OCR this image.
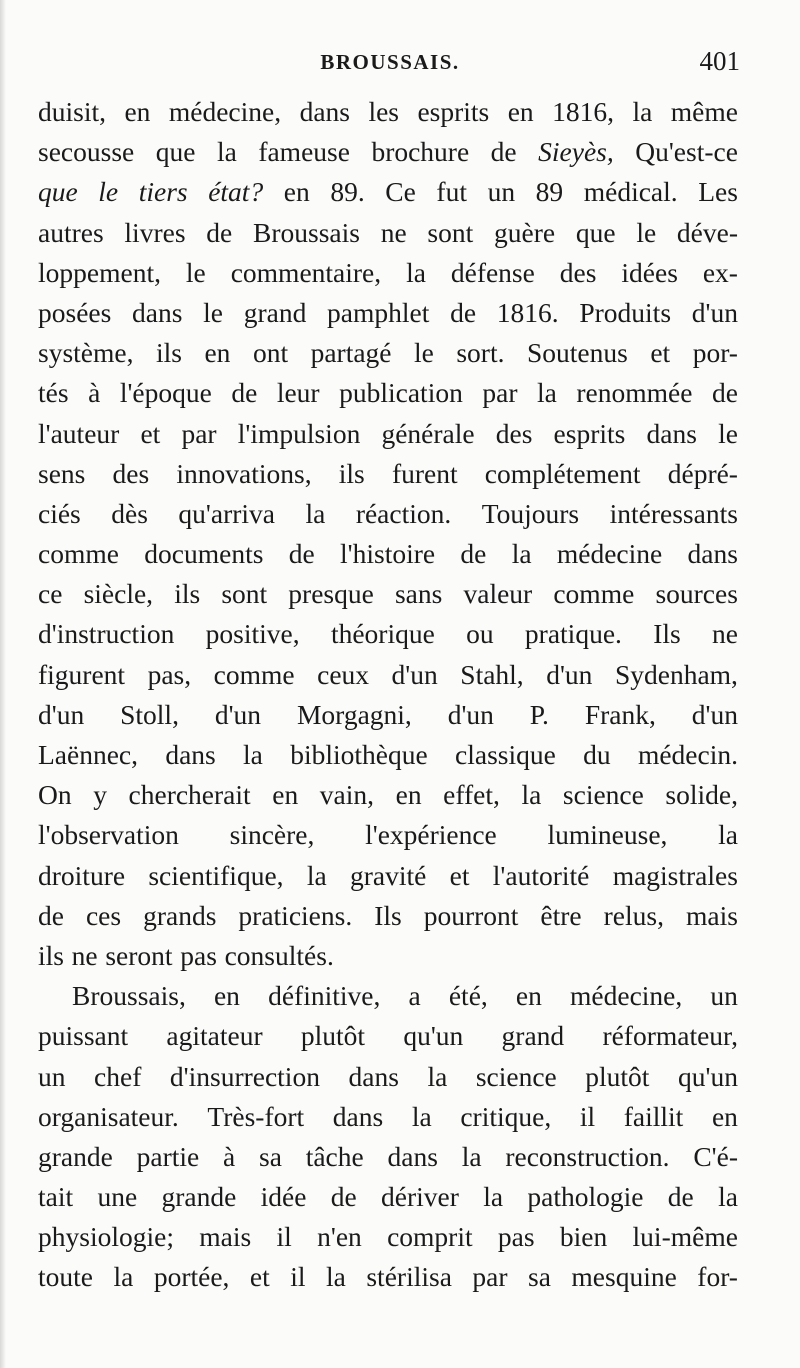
BROUSSAIS.	401
duisit, en médecine, dans les esprits en 1816, la même
secousse que la fameuse brochure de Sieyès, Qu'est-ce
que le tiers état? en 89. Ce fut un 89 médical. Les
autres livres de Broussais ne sont guère que le déve-
loppement, le commentaire, la défense des idées ex-
posées dans le grand pamphlet de 1816. Produits d'un
système, ils en ont partagé le sort. Soutenus et por-
tés à l'époque de leur publication par la renommée de
l'auteur et par l'impulsion générale des esprits dans le
sens des innovations, ils furent complétement dépré-
ciés dès qu'arriva la réaction. Toujours intéressants
comme documents de l'histoire de la médecine dans
ce siècle, ils sont presque sans valeur comme sources
d'instruction positive, théorique ou pratique. Ils ne
figurent pas, comme ceux d'un Stahl, d'un Sydenham,
d'un Stoll, d'un Morgagni, d'un P. Frank, d'un
Laënnec, dans la bibliothèque classique du médecin.
On y chercherait en vain, en effet, la science solide,
l'observation sincère, l'expérience lumineuse, la
droiture scientifique, la gravité et l'autorité magistrales
de ces grands praticiens. Ils pourront être relus, mais
ils ne seront pas consultés.
Broussais, en définitive, a été, en médecine, un
puissant agitateur plutôt qu'un grand réformateur,
un chef d'insurrection dans la science plutôt qu'un
organisateur. Très-fort dans la critique, il faillit en
grande partie à sa tâche dans la reconstruction. C'é-
tait une grande idée de dériver la pathologie de la
physiologie; mais il n'en comprit pas bien lui-même
toute la portée, et il la stérilisa par sa mesquine for-
